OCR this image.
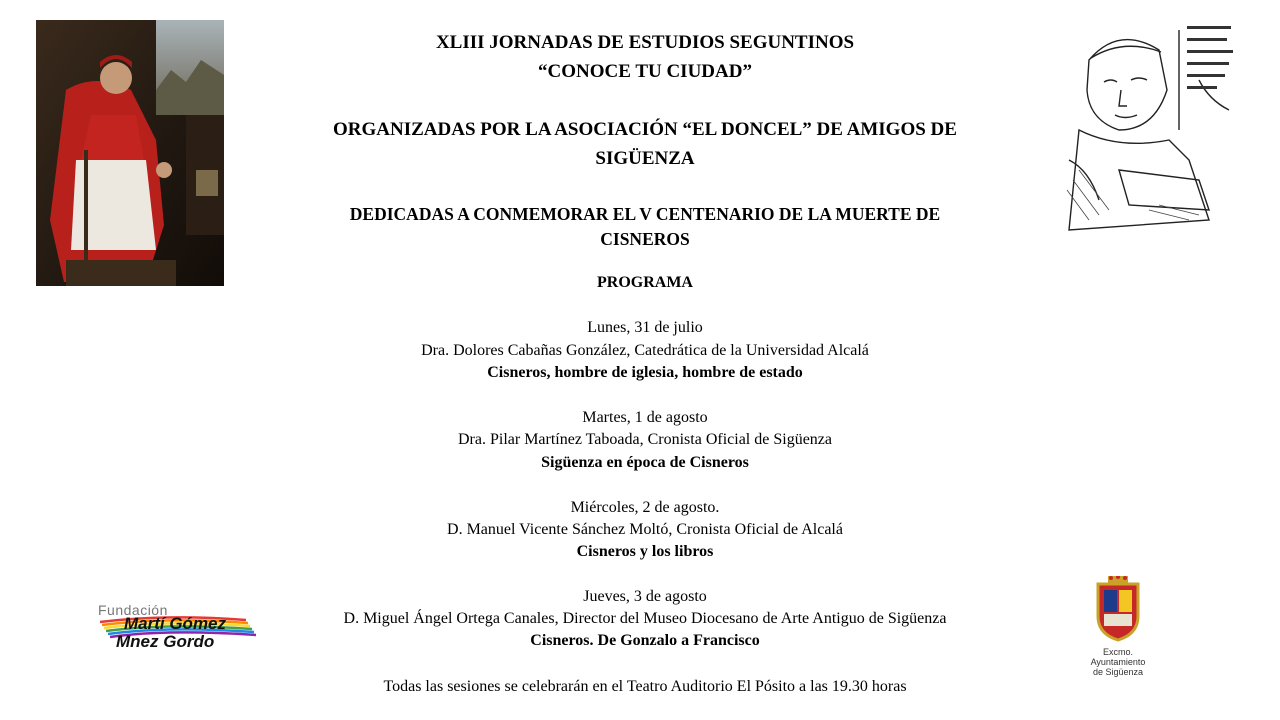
XLIII JORNADAS DE ESTUDIOS SEGUNTINOS
“CONOCE TU CIUDAD”
ORGANIZADAS POR LA ASOCIACIÓN “EL DONCEL” DE AMIGOS DE
SIGÜENZA
DEDICADAS A CONMEMORAR EL V CENTENARIO DE LA MUERTE DE
CISNEROS
PROGRAMA
Lunes, 31 de julio
Dra. Dolores Cabañas González, Catedrática de la Universidad Alcalá
Cisneros, hombre de iglesia, hombre de estado
Martes, 1 de agosto
Dra. Pilar Martínez Taboada, Cronista Oficial de Sigüenza
Sigüenza en época de Cisneros
Miércoles, 2 de agosto.
D. Manuel Vicente Sánchez Moltó, Cronista Oficial de Alcalá
Cisneros y los libros
Jueves, 3 de agosto
D. Miguel Ángel Ortega Canales, Director del Museo Diocesano de Arte Antiguo de Sigüenza
Cisneros. De Gonzalo a Francisco
Todas las sesiones se celebrarán en el Teatro Auditorio El Pósito a las 19.30 horas
Fundación
Martí Gómez
Mnez Gordo
Excmo.
Ayuntamiento
de Sigüenza
